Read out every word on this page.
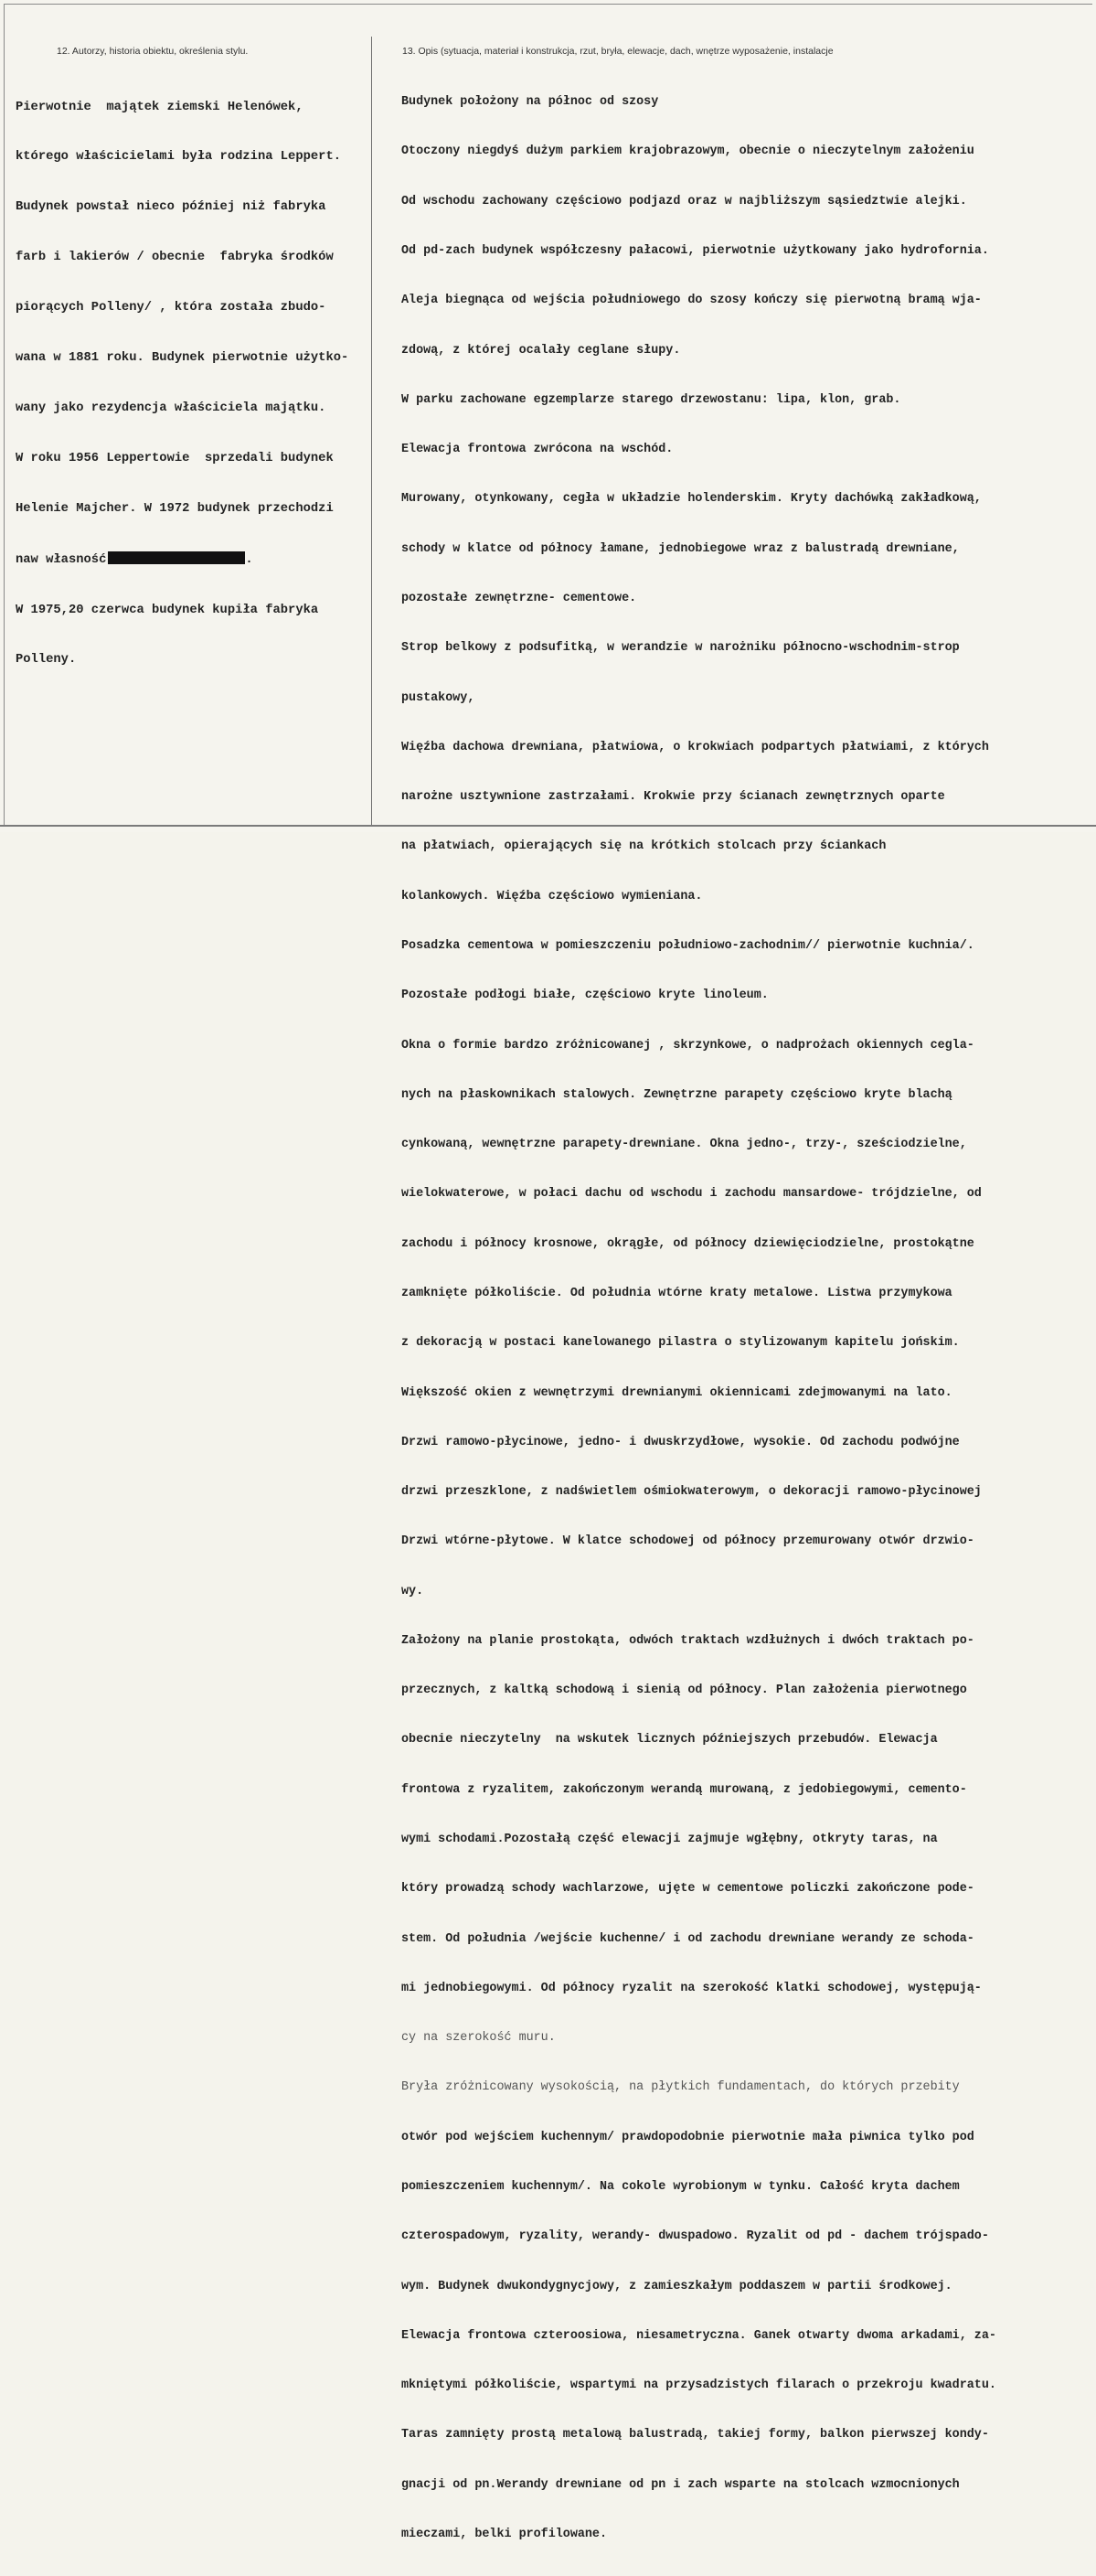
12. Autorzy, historia obiektu, określenia stylu.	13. Opis (sytuacja, materiał i konstrukcja, rzut, bryła, elewacje, dach, wnętrze wyposażenie, instalacje

Pierwotnie  majątek ziemski Helenówek,

którego właścicielami była rodzina Leppert.

Budynek powstał nieco później niż fabryka

farb i lakierów / obecnie  fabryka środków

piorących Polleny/ , która została zbudo-

wana w 1881 roku. Budynek pierwotnie użytko-

wany jako rezydencja właściciela majątku.

W roku 1956 Leppertowie  sprzedali budynek

Helenie Majcher. W 1972 budynek przechodzi

naw własność	.

W 1975,20 czerwca budynek kupiła fabryka

Polleny.

Budynek położony na północ od szosy

Otoczony niegdyś dużym parkiem krajobrazowym, obecnie o nieczytelnym założeniu

Od wschodu zachowany częściowo podjazd oraz w najbliższym sąsiedztwie alejki.

Od pd-zach budynek współczesny pałacowi, pierwotnie użytkowany jako hydrofornia.

Aleja biegnąca od wejścia południowego do szosy kończy się pierwotną bramą wja-

zdową, z której ocalały ceglane słupy.

W parku zachowane egzemplarze starego drzewostanu: lipa, klon, grab.

Elewacja frontowa zwrócona na wschód.

Murowany, otynkowany, cegła w układzie holenderskim. Kryty dachówką zakładkową,

schody w klatce od północy łamane, jednobiegowe wraz z balustradą drewniane,

pozostałe zewnętrzne- cementowe.

Strop belkowy z podsufitką, w werandzie w narożniku północno-wschodnim-strop

pustakowy,

Więźba dachowa drewniana, płatwiowa, o krokwiach podpartych płatwiami, z których

narożne usztywnione zastrzałami. Krokwie przy ścianach zewnętrznych oparte

na płatwiach, opierających się na krótkich stolcach przy ściankach

kolankowych. Więźba częściowo wymieniana.

Posadzka cementowa w pomieszczeniu południowo-zachodnim// pierwotnie kuchnia/.

Pozostałe podłogi białe, częściowo kryte linoleum.

Okna o formie bardzo zróżnicowanej , skrzynkowe, o nadprożach okiennych cegla-

nych na płaskownikach stalowych. Zewnętrzne parapety częściowo kryte blachą

cynkowaną, wewnętrzne parapety-drewniane. Okna jedno-, trzy-, sześciodzielne,

wielokwaterowe, w połaci dachu od wschodu i zachodu mansardowe- trójdzielne, od

zachodu i północy krosnowe, okrągłe, od północy dziewięciodzielne, prostokątne

zamknięte półkoliście. Od południa wtórne kraty metalowe. Listwa przymykowa

z dekoracją w postaci kanelowanego pilastra o stylizowanym kapitelu jońskim.

Większość okien z wewnętrzymi drewnianymi okiennicami zdejmowanymi na lato.

Drzwi ramowo-płycinowe, jedno- i dwuskrzydłowe, wysokie. Od zachodu podwójne

drzwi przeszklone, z nadświetlem ośmiokwaterowym, o dekoracji ramowo-płycinowej

Drzwi wtórne-płytowe. W klatce schodowej od północy przemurowany otwór drzwio-

wy.

Założony na planie prostokąta, odwóch traktach wzdłużnych i dwóch traktach po-

przecznych, z kaltką schodową i sienią od północy. Plan założenia pierwotnego

obecnie nieczytelny  na wskutek licznych późniejszych przebudów. Elewacja

frontowa z ryzalitem, zakończonym werandą murowaną, z jedobiegowymi, cemento-

wymi schodami.Pozostałą część elewacji zajmuje wgłębny, otkryty taras, na

który prowadzą schody wachlarzowe, ujęte w cementowe policzki zakończone pode-

stem. Od południa /wejście kuchenne/ i od zachodu drewniane werandy ze schoda-

mi jednobiegowymi. Od północy ryzalit na szerokość klatki schodowej, występują-

cy na szerokość muru.

Bryła zróżnicowany wysokością, na płytkich fundamentach, do których przebity

otwór pod wejściem kuchennym/ prawdopodobnie pierwotnie mała piwnica tylko pod

pomieszczeniem kuchennym/. Na cokole wyrobionym w tynku. Całość kryta dachem

czterospadowym, ryzality, werandy- dwuspadowo. Ryzalit od pd - dachem trójspado-

wym. Budynek dwukondygnycjowy, z zamieszkałym poddaszem w partii środkowej.

Elewacja frontowa czteroosiowa, niesametryczna. Ganek otwarty dwoma arkadami, za-

mkniętymi półkoliście, wspartymi na przysadzistych filarach o przekroju kwadratu.

Taras zamnięty prostą metalową balustradą, takiej formy, balkon pierwszej kondy-

gnacji od pn.Werandy drewniane od pn i zach wsparte na stolcach wzmocnionych

mieczami, belki profilowane.
